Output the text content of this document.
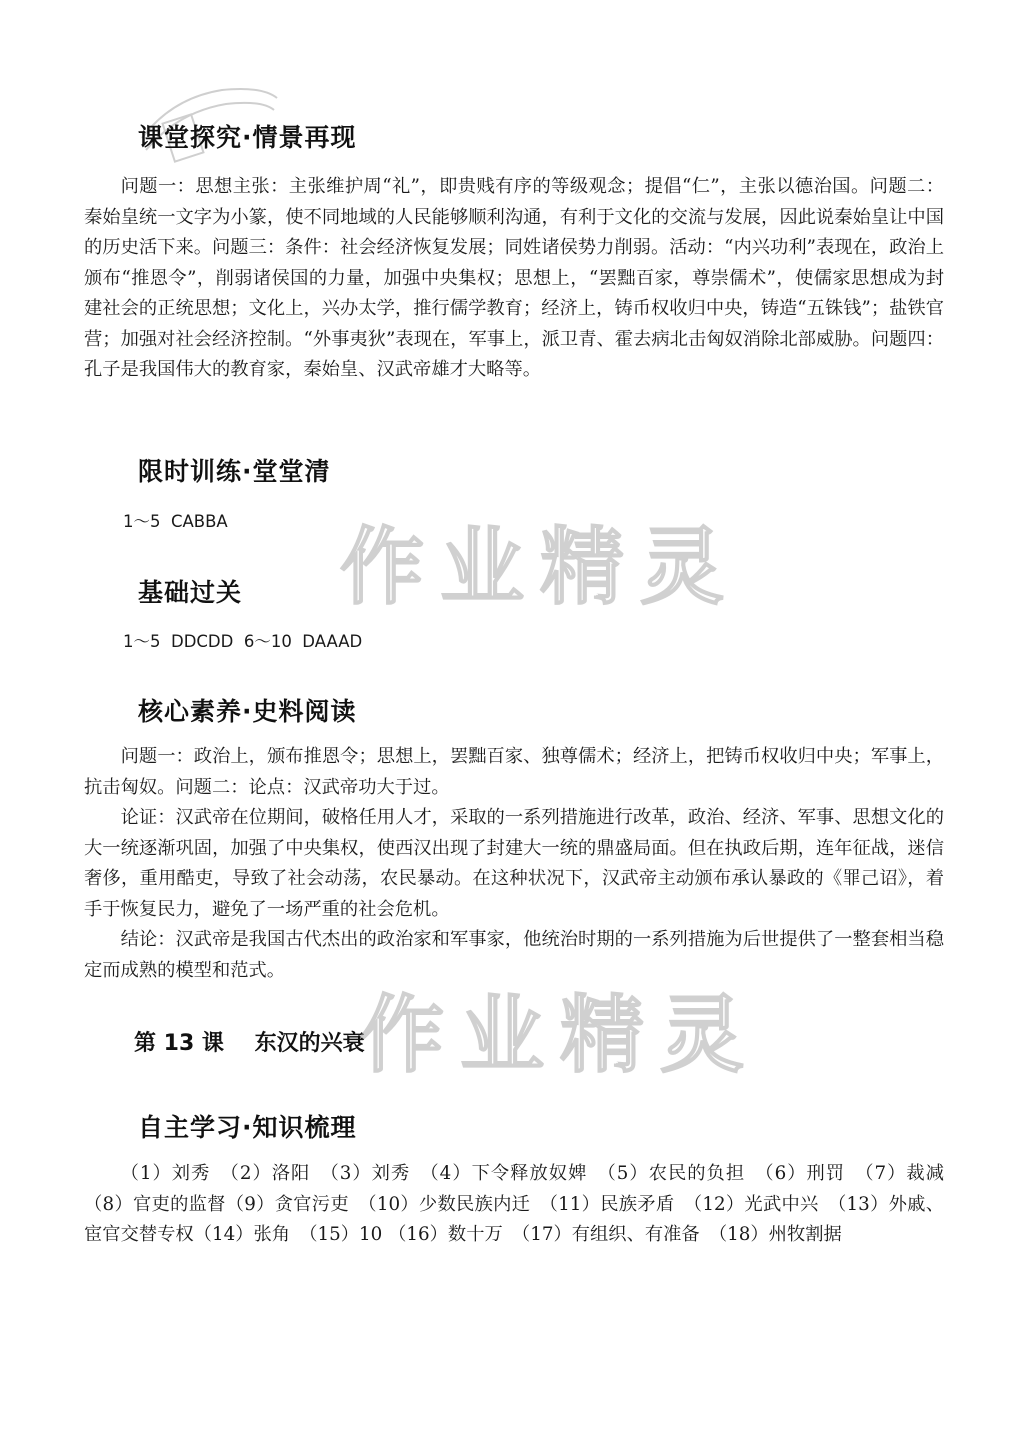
课堂探究·情景再现

问题一：思想主张：主张维护周“礼”，即贵贱有序的等级观念；提倡“仁”，主张以德治国。问题二：秦始皇统一文字为小篆，使不同地域的人民能够顺利沟通，有利于文化的交流与发展，因此说秦始皇让中国的历史活下来。问题三：条件：社会经济恢复发展；同姓诸侯势力削弱。活动：“内兴功利”表现在，政治上颁布“推恩令”，削弱诸侯国的力量，加强中央集权；思想上，“罢黜百家，尊崇儒术”，使儒家思想成为封建社会的正统思想；文化上，兴办太学，推行儒学教育；经济上，铸币权收归中央，铸造“五铢钱”；盐铁官营；加强对社会经济控制。“外事夷狄”表现在，军事上，派卫青、霍去病北击匈奴消除北部威胁。问题四：孔子是我国伟大的教育家，秦始皇、汉武帝雄才大略等。

限时训练·堂堂清
1～5  CABBA
基础过关
1～5  DDCDD  6～10  DAAAD
核心素养·史料阅读

问题一：政治上，颁布推恩令；思想上，罢黜百家、独尊儒术；经济上，把铸币权收归中央；军事上，抗击匈奴。问题二：论点：汉武帝功大于过。

论证：汉武帝在位期间，破格任用人才，采取的一系列措施进行改革，政治、经济、军事、思想文化的大一统逐渐巩固，加强了中央集权，使西汉出现了封建大一统的鼎盛局面。但在执政后期，连年征战，迷信奢侈，重用酷吏，导致了社会动荡，农民暴动。在这种状况下，汉武帝主动颁布承认暴政的《罪己诏》，着手于恢复民力，避免了一场严重的社会危机。

结论：汉武帝是我国古代杰出的政治家和军事家，他统治时期的一系列措施为后世提供了一整套相当稳定而成熟的模型和范式。

第 13 课    东汉的兴衰
自主学习·知识梳理

（1）刘秀　（2）洛阳　（3）刘秀　（4）下令释放奴婢　（5）农民的负担　（6）刑罚　（7）裁减　（8）官吏的监督（9）贪官污吏　（10）少数民族内迁　（11）民族矛盾　（12）光武中兴　（13）外戚、宦官交替专权（14）张角　（15）10 （16）数十万　（17）有组织、有准备　（18）州牧割据

作业精灵
作业精灵
